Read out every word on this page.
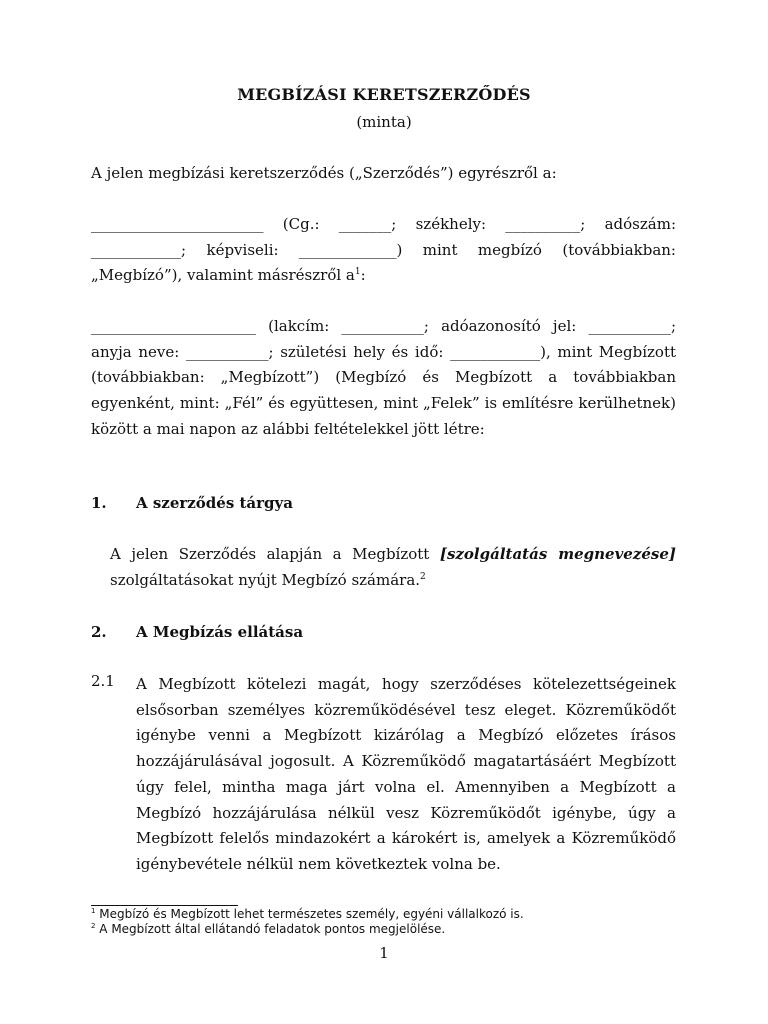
MEGBÍZÁSI KERETSZERZŐDÉS
(minta)
A jelen megbízási keretszerződés („Szerződés”) egyrészről a:
_______________________ (Cg.: _______; székhely: __________; adószám: ____________; képviseli: _____________) mint megbízó (továbbiakban: „Megbízó”), valamint másrészről $a^1$:
______________________ (lakcím: ___________; adóazonosító jel: ___________; anyja neve: ___________; születési hely és idő: ____________), mint Megbízott (továbbiakban: „Megbízott”) (Megbízó és Megbízott a továbbiakban egyenként, mint: „Fél” és együttesen, mint „Felek” is említésre kerülhetnek) között a mai napon az alábbi feltételekkel jött létre:
1. A szerződés tárgya
A jelen Szerződés alapján a Megbízott [szolgáltatás megnevezése] szolgáltatásokat nyújt Megbízó számára.$^2$
2. A Megbízás ellátása
2.1 A Megbízott kötelezi magát, hogy szerződéses kötelezettségeinek elsősorban személyes közreműködésével tesz eleget. Közreműködőt igénybe venni a Megbízott kizárólag a Megbízó előzetes írásos hozzájárulásával jogosult. A Közreműködő magatartásáért Megbízott úgy felel, mintha maga járt volna el. Amennyiben a Megbízott a Megbízó hozzájárulása nélkül vesz Közreműködőt igénybe, úgy a Megbízott felelős mindazokért a károkért is, amelyek a Közreműködő igénybevétele nélkül nem következtek volna be.
$^1$ Megbízó és Megbízott lehet természetes személy, egyéni vállalkozó is.
$^2$ A Megbízott által ellátandó feladatok pontos megjelölése.
1
